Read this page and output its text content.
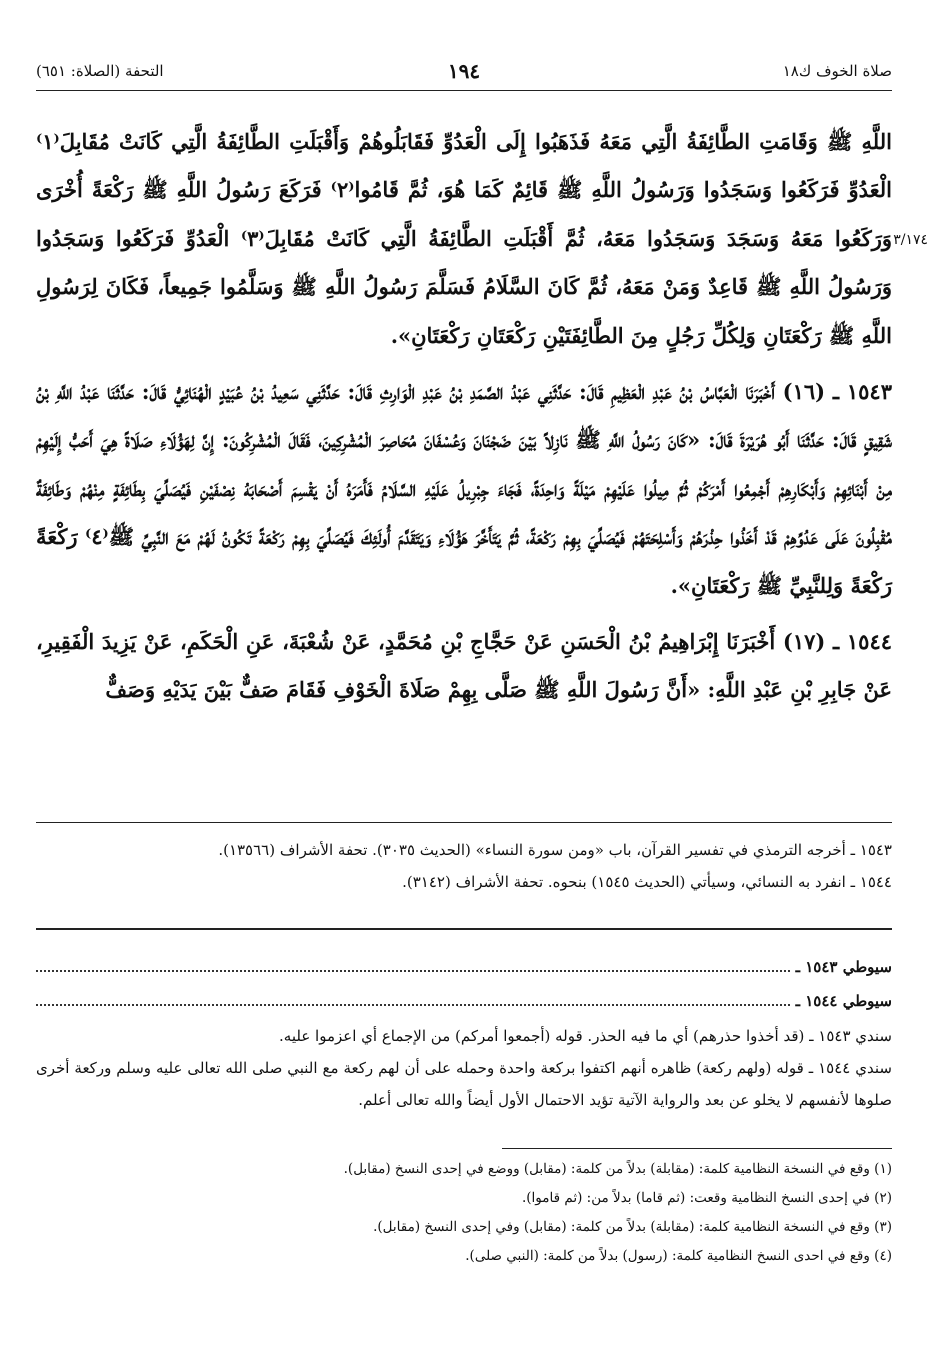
صلاة الخوف ك١٨
١٩٤
التحفة (الصلاة: ٦٥١)
٣/١٧٤

اللَّهِ ﷺ وَقَامَتِ الطَّائِفَةُ الَّتِي مَعَهُ فَذَهَبُوا إِلَى الْعَدُوِّ فَقَابَلُوهُمْ وَأَقْبَلَتِ الطَّائِفَةُ الَّتِي كَانَتْ مُقَابِلَ⁽١⁾ الْعَدُوِّ فَرَكَعُوا وَسَجَدُوا وَرَسُولُ اللَّهِ ﷺ قَائِمٌ كَمَا هُوَ، ثُمَّ قَامُوا⁽٢⁾ فَرَكَعَ رَسُولُ اللَّهِ ﷺ رَكْعَةً أُخْرَى وَرَكَعُوا مَعَهُ وَسَجَدَ وَسَجَدُوا مَعَهُ، ثُمَّ أَقْبَلَتِ الطَّائِفَةُ الَّتِي كَانَتْ مُقَابِلَ⁽٣⁾ الْعَدُوِّ فَرَكَعُوا وَسَجَدُوا وَرَسُولُ اللَّهِ ﷺ قَاعِدٌ وَمَنْ مَعَهُ، ثُمَّ كَانَ السَّلَامُ فَسَلَّمَ رَسُولُ اللَّهِ ﷺ وَسَلَّمُوا جَمِيعاً، فَكَانَ لِرَسُولِ اللَّهِ ﷺ رَكْعَتَانِ وَلِكُلِّ رَجُلٍ مِنَ الطَّائِفَتَيْنِ رَكْعَتَانِ رَكْعَتَانِ».

١٥٤٣ ـ (١٦) أَخْبَرَنَا الْعَبَّاسُ بْنُ عَبْدِ الْعَظِيمِ قَالَ: حَدَّثَنِي عَبْدُ الصَّمَدِ بْنُ عَبْدِ الْوَارِثِ قَالَ: حَدَّثَنِي سَعِيدُ بْنُ عُبَيْدٍ الْهُنَائِيُّ قَالَ: حَدَّثَنَا عَبْدُ اللَّهِ بْنُ شَقِيقٍ قَالَ: حَدَّثَنَا أَبُو هُرَيْرَةَ قَالَ: «كَانَ رَسُولُ اللَّهِ ﷺ نَازِلاً بَيْنَ ضَجْنَانَ وَعُسْفَانَ مُحَاصِرَ الْمُشْرِكِينَ، فَقَالَ الْمُشْرِكُونَ: إِنَّ لِهَؤُلَاءِ صَلَاةً هِيَ أَحَبُّ إِلَيْهِمْ مِنْ أَبْنَائِهِمْ وَأَبْكَارِهِمْ أَجْمِعُوا أَمْرَكُمْ ثُمَّ مِيلُوا عَلَيْهِمْ مَيْلَةً وَاحِدَةً، فَجَاءَ جِبْرِيلُ عَلَيْهِ السَّلَامُ فَأَمَرَهُ أَنْ يَقْسِمَ أَصْحَابَهُ نِصْفَيْنِ فَيُصَلِّيَ بِطَائِفَةٍ مِنْهُمْ وَطَائِفَةٌ مُقْبِلُونَ عَلَى عَدُوِّهِمْ قَدْ أَخَذُوا حِذْرَهُمْ وَأَسْلِحَتَهُمْ فَيُصَلِّيَ بِهِمْ رَكْعَةً، ثُمَّ يَتَأَخَّرَ هَؤُلَاءِ وَيَتَقَدَّمَ أُولَئِكَ فَيُصَلِّيَ بِهِمْ رَكْعَةً تَكُونُ لَهُمْ مَعَ النَّبِيِّ ﷺ⁽٤⁾ رَكْعَةً رَكْعَةً وَلِلنَّبِيِّ ﷺ رَكْعَتَانِ».

١٥٤٤ ـ (١٧) أَخْبَرَنَا إِبْرَاهِيمُ بْنُ الْحَسَنِ عَنْ حَجَّاجِ بْنِ مُحَمَّدٍ، عَنْ شُعْبَةَ، عَنِ الْحَكَمِ، عَنْ يَزِيدَ الْفَقِيرِ، عَنْ جَابِرِ بْنِ عَبْدِ اللَّهِ: «أَنَّ رَسُولَ اللَّهِ ﷺ صَلَّى بِهِمْ صَلَاةَ الْخَوْفِ فَقَامَ صَفٌّ بَيْنَ يَدَيْهِ وَصَفٌّ

١٥٤٣ ـ أخرجه الترمذي في تفسير القرآن، باب «ومن سورة النساء» (الحديث ٣٠٣٥). تحفة الأشراف (١٣٥٦٦).
١٥٤٤ ـ انفرد به النسائي، وسيأتي (الحديث ١٥٤٥) بنحوه. تحفة الأشراف (٣١٤٢).
سيوطي ١٥٤٣ ـ
سيوطي ١٥٤٤ ـ

سندي ١٥٤٣ ـ (قد أخذوا حذرهم) أي ما فيه الحذر. قوله (أجمعوا أمركم) من الإجماع أي اعزموا عليه.

سندي ١٥٤٤ ـ قوله (ولهم ركعة) ظاهره أنهم اكتفوا بركعة واحدة وحمله على أن لهم ركعة مع النبي صلى الله تعالى عليه وسلم وركعة أخرى صلوها لأنفسهم لا يخلو عن بعد والرواية الآتية تؤيد الاحتمال الأول أيضاً والله تعالى أعلم.

(١) وقع في النسخة النظامية كلمة: (مقابلة) بدلاً من كلمة: (مقابل) ووضع في إحدى النسخ (مقابل).
(٢) في إحدى النسخ النظامية وقعت: (ثم قاما) بدلاً من: (ثم قاموا).
(٣) وقع في النسخة النظامية كلمة: (مقابلة) بدلاً من كلمة: (مقابل) وفي إحدى النسخ (مقابل).
(٤) وقع في احدى النسخ النظامية كلمة: (رسول) بدلاً من كلمة: (النبي صلى).
